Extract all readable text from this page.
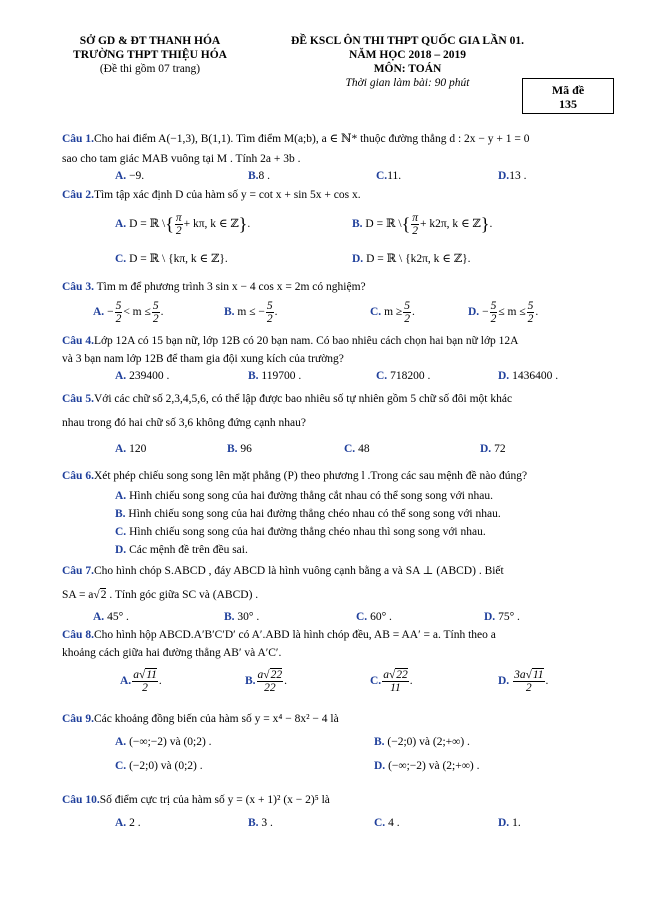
SỞ GD & ĐT THANH HÓA
TRƯỜNG THPT THIỆU HÓA
(Đề thi gồm 07 trang)
ĐỀ KSCL ÔN THI THPT QUỐC GIA LẦN 01.
NĂM HỌC 2018 – 2019
MÔN: TOÁN
Thời gian làm bài: 90 phút	Mã đề
135
Câu 1.Cho hai điểm A(−1,3), B(1,1). Tìm điểm M(a;b), a ∈ ℕ* thuộc đường thẳng d : 2x − y + 1 = 0
sao cho tam giác MAB vuông tại M . Tính 2a + 3b .
A. −9.	B.8 .	C.11.	D.13 .
Câu 2.Tìm tập xác định D của hàm số y = cot x + sin 5x + cos x.
A. D = ℝ \{ $\frac{\pi}{2} + k\pi$, k ∈ ℤ}.	B. D = ℝ \{ $\frac{\pi}{2} + k2\pi$, k ∈ ℤ}.
C. D = ℝ \ {kπ, k ∈ ℤ}.	D. D = ℝ \ {k2π, k ∈ ℤ}.
Câu 3. Tìm m để phương trình 3 sin x − 4 cos x = 2m có nghiệm?
A. − $\frac{5}{2} < m \le \frac{5}{2}$ .	B. m ≤ − $\frac{5}{2}$ .	C. $m \ge \frac{5}{2}$ .	D. − $\frac{5}{2} \le m \le \frac{5}{2}$ .
Câu 4.Lớp 12A có 15 bạn nữ, lớp 12B có 20 bạn nam. Có bao nhiêu cách chọn hai bạn nữ lớp 12A
và 3 bạn nam lớp 12B để tham gia đội xung kích của trường?
A. 239400 .	B. 119700 .	C. 718200 .	D. 1436400 .
Câu 5.Với các chữ số 2,3,4,5,6, có thể lập được bao nhiêu số tự nhiên gồm 5 chữ số đôi một khác
nhau trong đó hai chữ số 3,6 không đứng cạnh nhau?
A. 120	B. 96	C. 48	D. 72
Câu 6.Xét phép chiếu song song lên mặt phẳng (P) theo phương l .Trong các sau mệnh đề nào đúng?
A. Hình chiếu song song của hai đường thẳng cắt nhau có thể song song với nhau.
B. Hình chiếu song song của hai đường thẳng chéo nhau có thể song song với nhau.
C. Hình chiếu song song của hai đường thẳng chéo nhau thì song song với nhau.
D. Các mệnh đề trên đều sai.
Câu 7.Cho hình chóp S.ABCD , đáy ABCD là hình vuông cạnh bằng a và SA ⊥ (ABCD) . Biết
SA = a√2 . Tính góc giữa SC và (ABCD) .
A. 45° .	B. 30° .	C. 60° .	D. 75° .
Câu 8.Cho hình hộp ABCD.A′B′C′D′ có A′.ABD là hình chóp đều, AB = AA′ = a. Tính theo a
khoảng cách giữa hai đường thẳng AB′ và A′C′.
A. $\frac{a√11}{2}$ .	B. $\frac{a√22}{22}$ .	C. $\frac{a√22}{11}$ .	D. $\frac{3a√11}{2}$ .
Câu 9.Các khoảng đồng biến của hàm số y = x⁴ − 8x² − 4 là
A. (−∞;−2) và (0;2) .	B. (−2;0) và (2;+∞) .
C. (−2;0) và (0;2) .	D. (−∞;−2) và (2;+∞) .
Câu 10.Số điểm cực trị của hàm số y = (x + 1)² (x − 2)⁵ là
A. 2 .	B. 3 .	C. 4 .	D. 1.
